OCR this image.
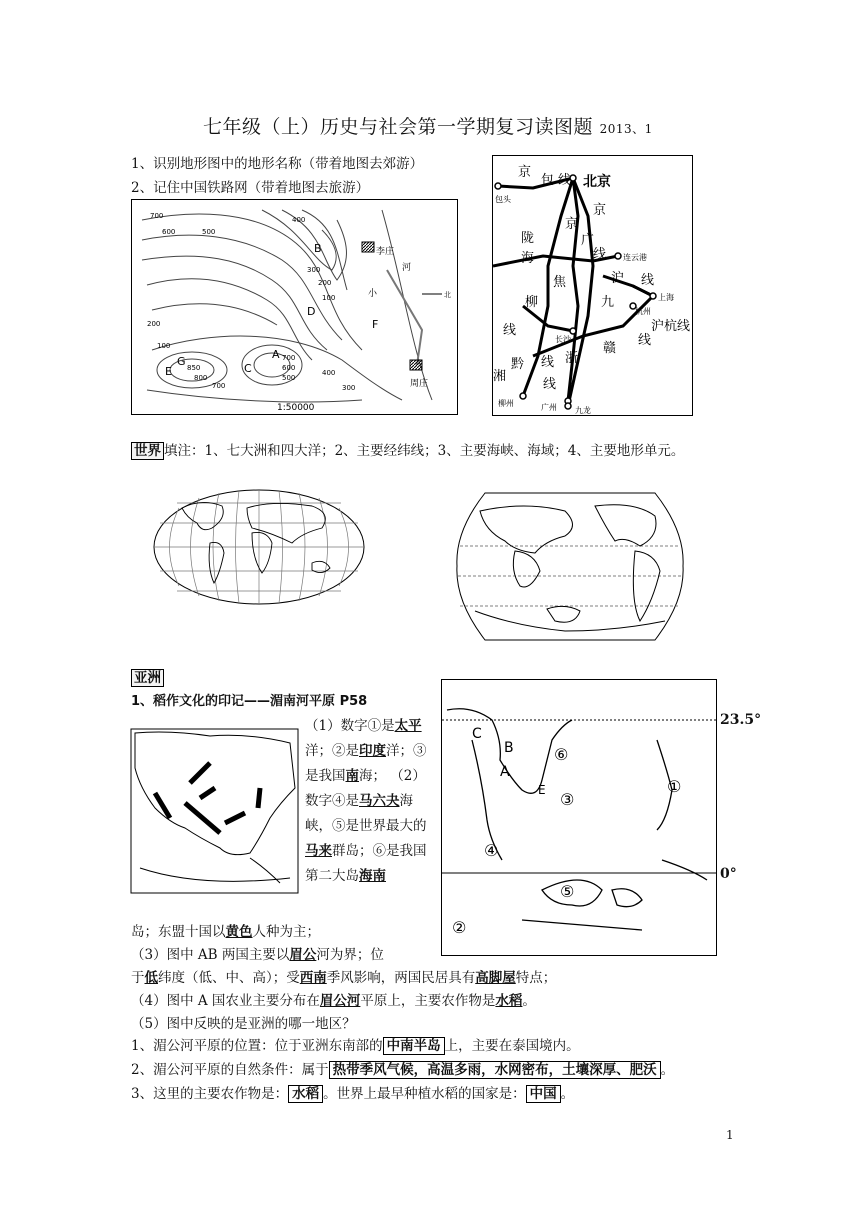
七年级（上）历史与社会第一学期复习读图题 2013、1
1、识别地形图中的地形名称（带着地图去郊游）
2、记住中国铁路网（带着地图去旅游）
B
D
F
A
C
E
G
700
600	500
400
300
200
100
850
800
700
600
500
400
300
200
100
700
李庄
周庄
河
小	北
1:50000
北京
包头
连云港
上海
杭州
长沙
柳州	广州 九龙
京
包 线
京
京
广
线
陇
海
焦
柳
线
沪 线
九
沪杭线
浙
赣
线
黔 线
湘
线
世界 填注：1、七大洲和四大洋；2、主要经纬线；3、主要海峡、海域；4、主要地形单元。
亚洲
1、稻作文化的印记——湄南河平原 P58
C
B
A
E	①
②
③
④
⑤
⑥
23.5°
0°
（1）数字①是太平洋；②是印度洋；③是我国南海； （2）数字④是马六夬海峡，⑤是世界最大的马来群岛；⑥是我国第二大岛海南
岛；东盟十国以黄色人种为主；
（3）图中 AB 两国主要以眉公河为界；位
于低纬度（低、中、高）；受西南季风影响，两国民居具有高脚屋特点；
（4）图中 A 国农业主要分布在眉公河平原上，主要农作物是水稻。
（5）图中反映的是亚洲的哪一地区？
1、湄公河平原的位置：位于亚洲东南部的 中南半岛 上，主要在泰国境内。
2、湄公河平原的自然条件：属于 热带季风气候，高温多雨，水网密布，土壤深厚、肥沃 。
3、这里的主要农作物是： 水稻 。世界上最早种植水稻的国家是： 中国 。
1
